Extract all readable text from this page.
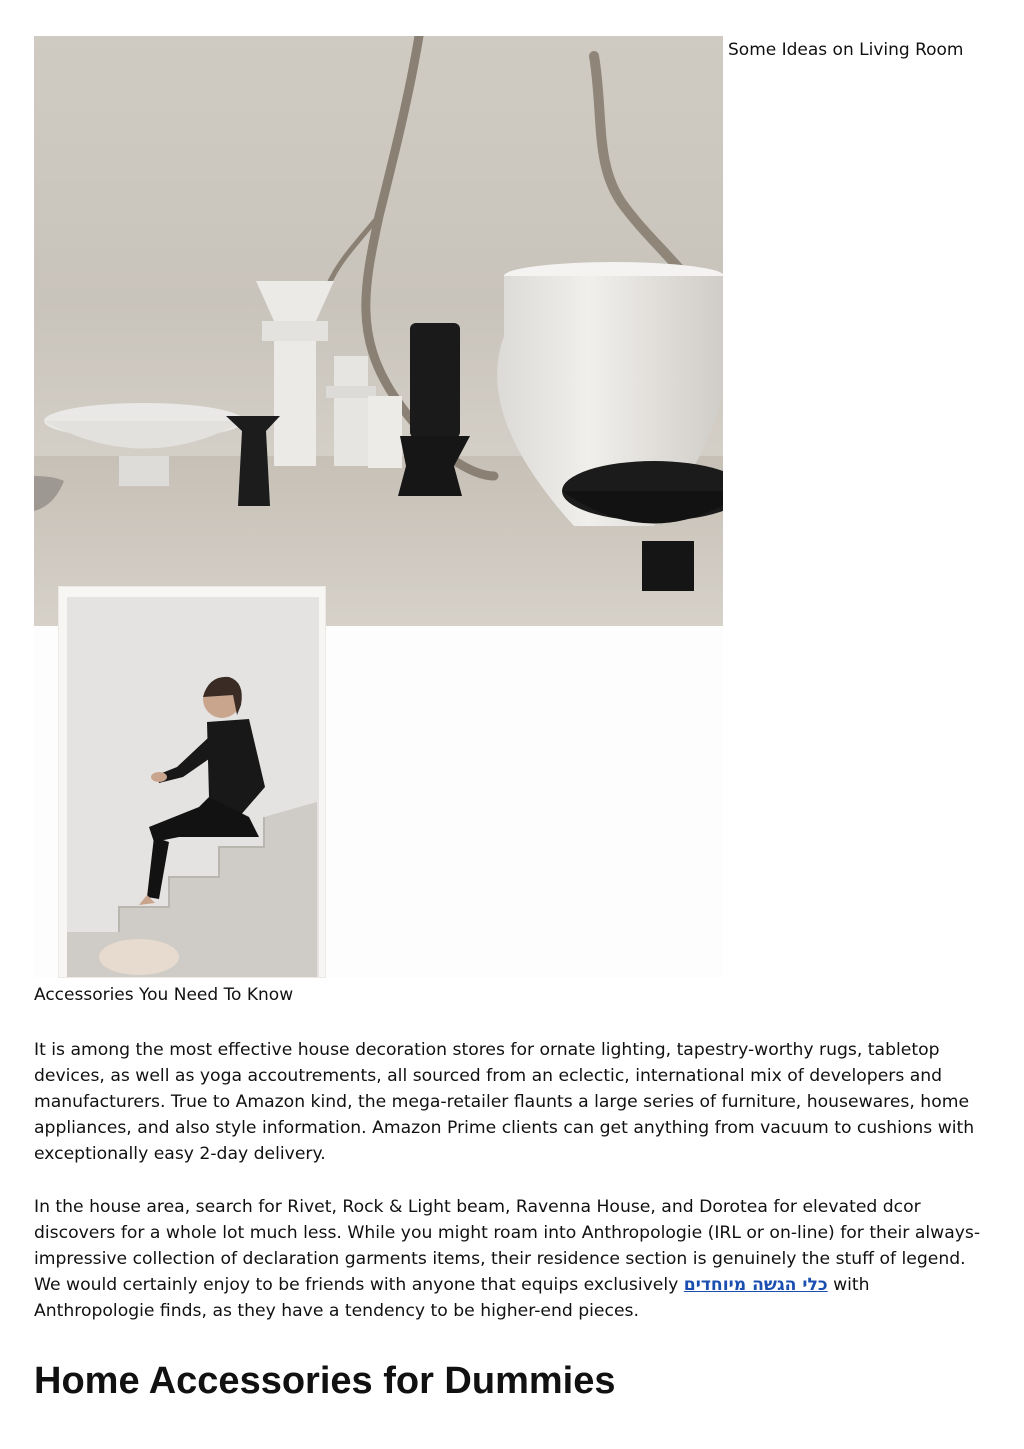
Some Ideas on Living Room
Accessories You Need To Know

It is among the most effective house decoration stores for ornate lighting, tapestry-worthy rugs, tabletop devices, as well as yoga accoutrements, all sourced from an eclectic, international mix of developers and manufacturers. True to Amazon kind, the mega-retailer flaunts a large series of furniture, housewares, home appliances, and also style information. Amazon Prime clients can get anything from vacuum to cushions with exceptionally easy 2-day delivery.

In the house area, search for Rivet, Rock & Light beam, Ravenna House, and Dorotea for elevated dcor discovers for a whole lot much less. While you might roam into Anthropologie (IRL or on-line) for their always-impressive collection of declaration garments items, their residence section is genuinely the stuff of legend. We would certainly enjoy to be friends with anyone that equips exclusively כלי הגשה מיוחדים with Anthropologie finds, as they have a tendency to be higher-end pieces.

Home Accessories for Dummies
